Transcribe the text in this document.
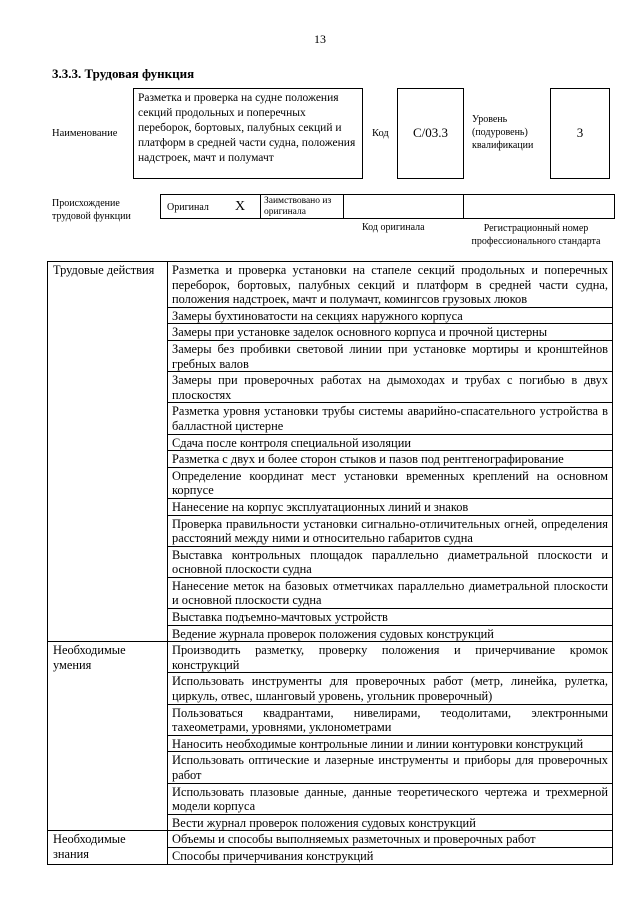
13
3.3.3. Трудовая функция
Наименование
Разметка и проверка на судне положения секций продольных и поперечных переборок, бортовых, палубных секций и платформ в средней части судна, положения надстроек, мачт и полумачт
Код	C/03.3
Уровень (подуровень) квалификации
3
Происхождение трудовой функции
Оригинал X Заимствовано из оригинала
Код оригинала	Регистрационный номер профессионального стандарта
Трудовые действия	Разметка и проверка установки на стапеле секций продольных и поперечных переборок, бортовых, палубных секций и платформ в средней части судна, положения надстроек, мачт и полумачт, комингсов грузовых люков
	Замеры бухтиноватости на секциях наружного корпуса
	Замеры при установке заделок основного корпуса и прочной цистерны
	Замеры без пробивки световой линии при установке мортиры и кронштейнов гребных валов
	Замеры при проверочных работах на дымоходах и трубах с погибью в двух плоскостях
	Разметка уровня установки трубы системы аварийно-спасательного устройства в балластной цистерне
	Сдача после контроля специальной изоляции
	Разметка с двух и более сторон стыков и пазов под рентгенографирование
	Определение координат мест установки временных креплений на основном корпусе
	Нанесение на корпус эксплуатационных линий и знаков
	Проверка правильности установки сигнально-отличительных огней, определения расстояний между ними и относительно габаритов судна
	Выставка контрольных площадок параллельно диаметральной плоскости и основной плоскости судна
	Нанесение меток на базовых отметчиках параллельно диаметральной плоскости и основной плоскости судна
	Выставка подъемно-мачтовых устройств
	Ведение журнала проверок положения судовых конструкций
Необходимые умения	Производить разметку, проверку положения и причерчивание кромок конструкций
	Использовать инструменты для проверочных работ (метр, линейка, рулетка, циркуль, отвес, шланговый уровень, угольник проверочный)
	Пользоваться квадрантами, нивелирами, теодолитами, электронными тахеометрами, уровнями, уклонометрами
	Наносить необходимые контрольные линии и линии контуровки конструкций
	Использовать оптические и лазерные инструменты и приборы для проверочных работ
	Использовать плазовые данные, данные теоретического чертежа и трехмерной модели корпуса
	Вести журнал проверок положения судовых конструкций
Необходимые знания	Объемы и способы выполняемых разметочных и проверочных работ
	Способы причерчивания конструкций
